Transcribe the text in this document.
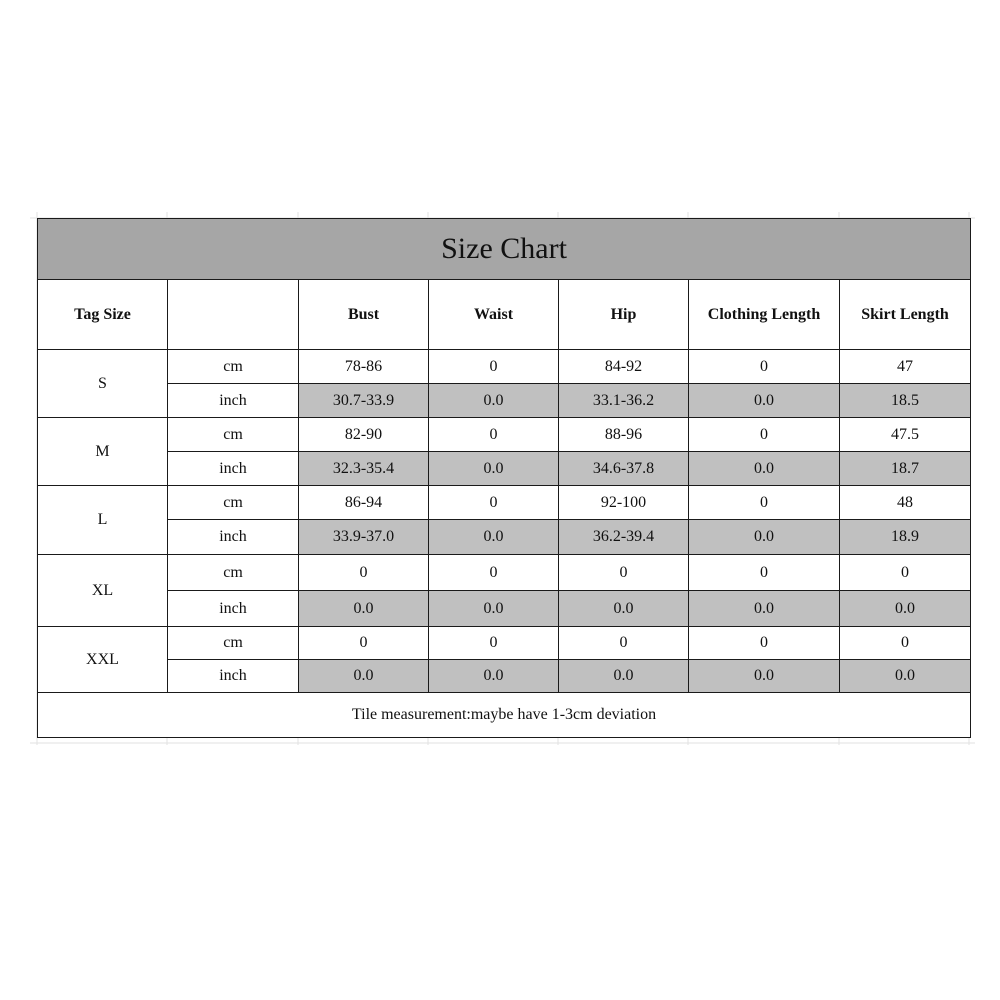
Size Chart						
Tag Size		Bust	Waist	Hip	Clothing Length	Skirt Length
S	cm	78-86	0	84-92	0	47
	inch	30.7-33.9	0.0	33.1-36.2	0.0	18.5
M	cm	82-90	0	88-96	0	47.5
	inch	32.3-35.4	0.0	34.6-37.8	0.0	18.7
L	cm	86-94	0	92-100	0	48
	inch	33.9-37.0	0.0	36.2-39.4	0.0	18.9
XL	cm	0	0	0	0	0
	inch	0.0	0.0	0.0	0.0	0.0
XXL	cm	0	0	0	0	0
	inch	0.0	0.0	0.0	0.0	0.0
Tile measurement:maybe have 1-3cm deviation						
